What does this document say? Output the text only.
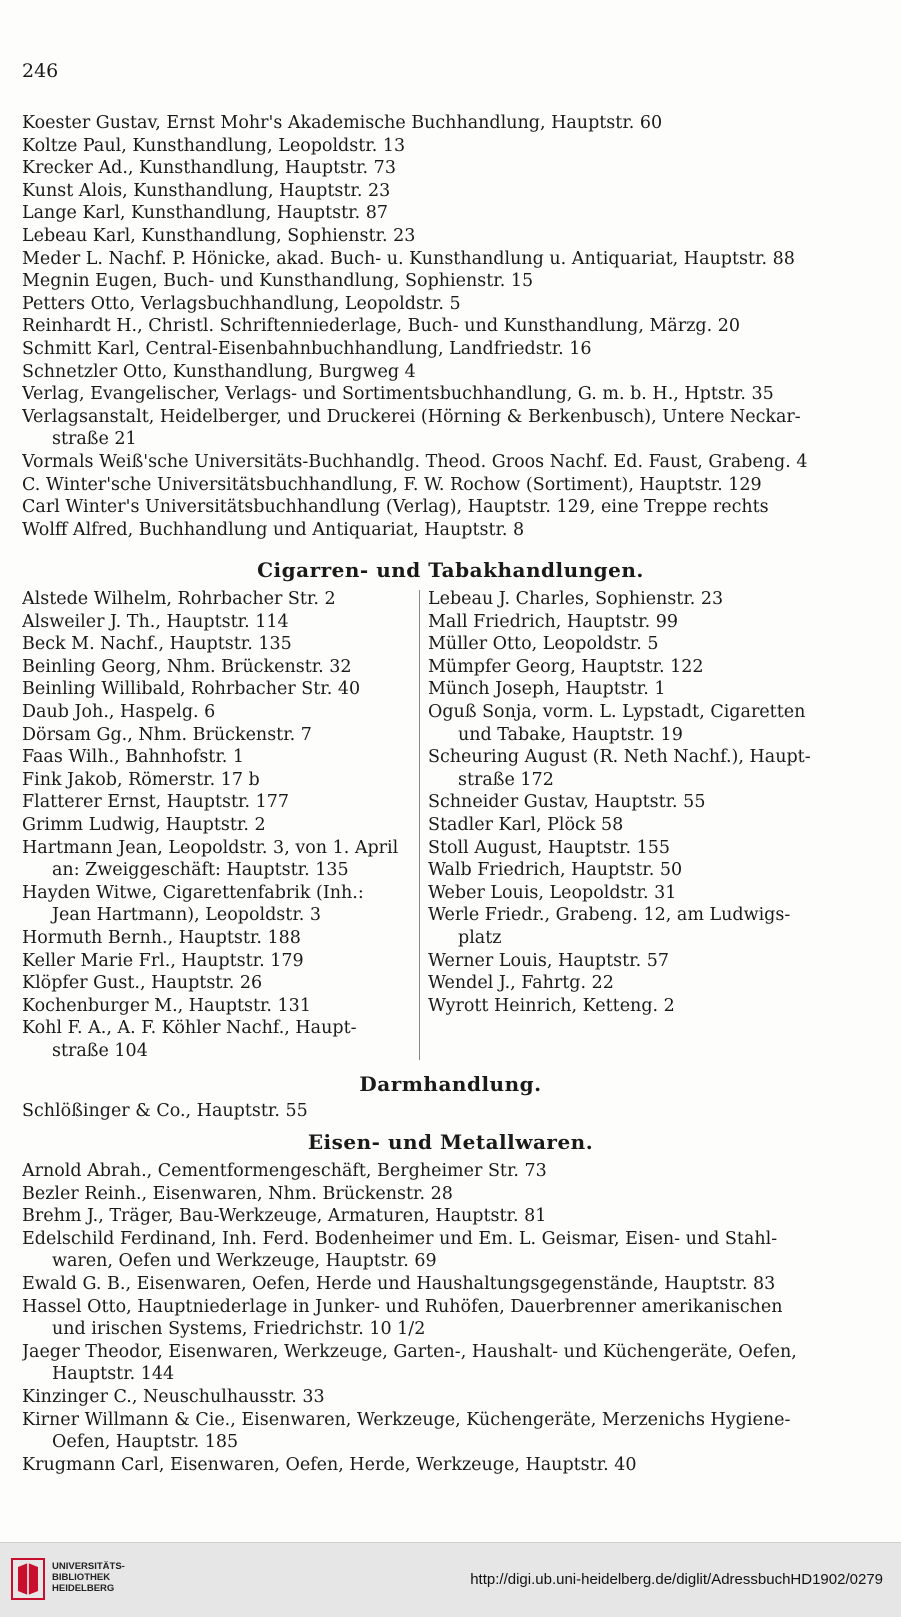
246
Koester Gustav, Ernst Mohr's Akademische Buchhandlung, Hauptstr. 60
Koltze Paul, Kunsthandlung, Leopoldstr. 13
Krecker Ad., Kunsthandlung, Hauptstr. 73
Kunst Alois, Kunsthandlung, Hauptstr. 23
Lange Karl, Kunsthandlung, Hauptstr. 87
Lebeau Karl, Kunsthandlung, Sophienstr. 23
Meder L. Nachf. P. Hönicke, akad. Buch- u. Kunsthandlung u. Antiquariat, Hauptstr. 88
Megnin Eugen, Buch- und Kunsthandlung, Sophienstr. 15
Petters Otto, Verlagsbuchhandlung, Leopoldstr. 5
Reinhardt H., Christl. Schriftenniederlage, Buch- und Kunsthandlung, Märzg. 20
Schmitt Karl, Central-Eisenbahnbuchhandlung, Landfriedstr. 16
Schnetzler Otto, Kunsthandlung, Burgweg 4
Verlag, Evangelischer, Verlags- und Sortimentsbuchhandlung, G. m. b. H., Hptstr. 35
Verlagsanstalt, Heidelberger, und Druckerei (Hörning & Berkenbusch), Untere Neckar-
straße 21
Vormals Weiß'sche Universitäts-Buchhandlg. Theod. Groos Nachf. Ed. Faust, Grabeng. 4
C. Winter'sche Universitätsbuchhandlung, F. W. Rochow (Sortiment), Hauptstr. 129
Carl Winter's Universitätsbuchhandlung (Verlag), Hauptstr. 129, eine Treppe rechts
Wolff Alfred, Buchhandlung und Antiquariat, Hauptstr. 8
Cigarren- und Tabakhandlungen.
Alstede Wilhelm, Rohrbacher Str. 2
Alsweiler J. Th., Hauptstr. 114
Beck M. Nachf., Hauptstr. 135
Beinling Georg, Nhm. Brückenstr. 32
Beinling Willibald, Rohrbacher Str. 40
Daub Joh., Haspelg. 6
Dörsam Gg., Nhm. Brückenstr. 7
Faas Wilh., Bahnhofstr. 1
Fink Jakob, Römerstr. 17 b
Flatterer Ernst, Hauptstr. 177
Grimm Ludwig, Hauptstr. 2
Hartmann Jean, Leopoldstr. 3, von 1. April
an: Zweiggeschäft: Hauptstr. 135
Hayden Witwe, Cigarettenfabrik (Inh.:
Jean Hartmann), Leopoldstr. 3
Hormuth Bernh., Hauptstr. 188
Keller Marie Frl., Hauptstr. 179
Klöpfer Gust., Hauptstr. 26
Kochenburger M., Hauptstr. 131
Kohl F. A., A. F. Köhler Nachf., Haupt-
straße 104
Lebeau J. Charles, Sophienstr. 23
Mall Friedrich, Hauptstr. 99
Müller Otto, Leopoldstr. 5
Mümpfer Georg, Hauptstr. 122
Münch Joseph, Hauptstr. 1
Oguß Sonja, vorm. L. Lypstadt, Cigaretten
und Tabake, Hauptstr. 19
Scheuring August (R. Neth Nachf.), Haupt-
straße 172
Schneider Gustav, Hauptstr. 55
Stadler Karl, Plöck 58
Stoll August, Hauptstr. 155
Walb Friedrich, Hauptstr. 50
Weber Louis, Leopoldstr. 31
Werle Friedr., Grabeng. 12, am Ludwigs-
platz
Werner Louis, Hauptstr. 57
Wendel J., Fahrtg. 22
Wyrott Heinrich, Ketteng. 2
Darmhandlung.
Schlößinger & Co., Hauptstr. 55
Eisen- und Metallwaren.
Arnold Abrah., Cementformengeschäft, Bergheimer Str. 73
Bezler Reinh., Eisenwaren, Nhm. Brückenstr. 28
Brehm J., Träger, Bau-Werkzeuge, Armaturen, Hauptstr. 81
Edelschild Ferdinand, Inh. Ferd. Bodenheimer und Em. L. Geismar, Eisen- und Stahl-
waren, Oefen und Werkzeuge, Hauptstr. 69
Ewald G. B., Eisenwaren, Oefen, Herde und Haushaltungsgegenstände, Hauptstr. 83
Hassel Otto, Hauptniederlage in Junker- und Ruhöfen, Dauerbrenner amerikanischen
und irischen Systems, Friedrichstr. 10 1/2
Jaeger Theodor, Eisenwaren, Werkzeuge, Garten-, Haushalt- und Küchengeräte, Oefen,
Hauptstr. 144
Kinzinger C., Neuschulhausstr. 33
Kirner Willmann & Cie., Eisenwaren, Werkzeuge, Küchengeräte, Merzenichs Hygiene-
Oefen, Hauptstr. 185
Krugmann Carl, Eisenwaren, Oefen, Herde, Werkzeuge, Hauptstr. 40
UNIVERSITÄTS-
BIBLIOTHEK
HEIDELBERG
http://digi.ub.uni-heidelberg.de/diglit/AdressbuchHD1902/0279
